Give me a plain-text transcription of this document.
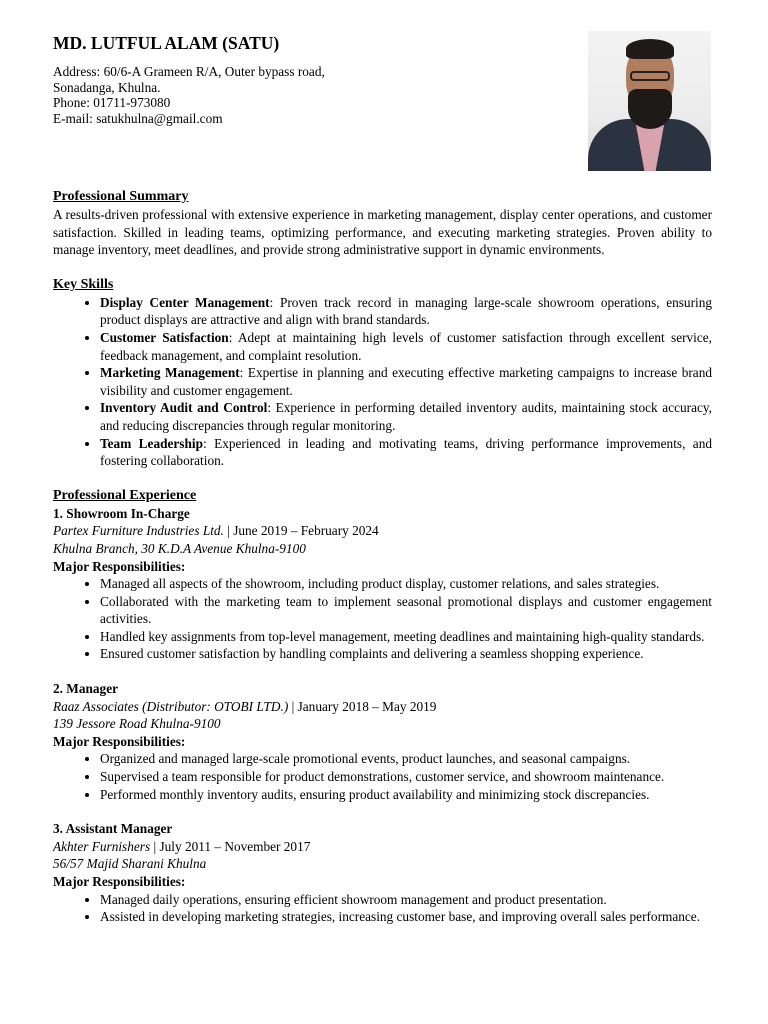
MD. LUTFUL ALAM (SATU)
Address: 60/6-A Grameen R/A, Outer bypass road,
Sonadanga, Khulna.
Phone: 01711-973080
E-mail: satukhulna@gmail.com
Professional Summary
A results-driven professional with extensive experience in marketing management, display center operations, and customer satisfaction. Skilled in leading teams, optimizing performance, and executing marketing strategies. Proven ability to manage inventory, meet deadlines, and provide strong administrative support in dynamic environments.
Key Skills
• Display Center Management: Proven track record in managing large-scale showroom operations, ensuring product displays are attractive and align with brand standards.
• Customer Satisfaction: Adept at maintaining high levels of customer satisfaction through excellent service, feedback management, and complaint resolution.
• Marketing Management: Expertise in planning and executing effective marketing campaigns to increase brand visibility and customer engagement.
• Inventory Audit and Control: Experience in performing detailed inventory audits, maintaining stock accuracy, and reducing discrepancies through regular monitoring.
• Team Leadership: Experienced in leading and motivating teams, driving performance improvements, and fostering collaboration.
Professional Experience
1. Showroom In-Charge
Partex Furniture Industries Ltd. | June 2019 – February 2024
Khulna Branch, 30 K.D.A Avenue Khulna-9100
Major Responsibilities:
• Managed all aspects of the showroom, including product display, customer relations, and sales strategies.
• Collaborated with the marketing team to implement seasonal promotional displays and customer engagement activities.
• Handled key assignments from top-level management, meeting deadlines and maintaining high-quality standards.
• Ensured customer satisfaction by handling complaints and delivering a seamless shopping experience.
2. Manager
Raaz Associates (Distributor: OTOBI LTD.) | January 2018 – May 2019
139 Jessore Road Khulna-9100
Major Responsibilities:
• Organized and managed large-scale promotional events, product launches, and seasonal campaigns.
• Supervised a team responsible for product demonstrations, customer service, and showroom maintenance.
• Performed monthly inventory audits, ensuring product availability and minimizing stock discrepancies.
3. Assistant Manager
Akhter Furnishers | July 2011 – November 2017
56/57 Majid Sharani Khulna
Major Responsibilities:
• Managed daily operations, ensuring efficient showroom management and product presentation.
• Assisted in developing marketing strategies, increasing customer base, and improving overall sales performance.
